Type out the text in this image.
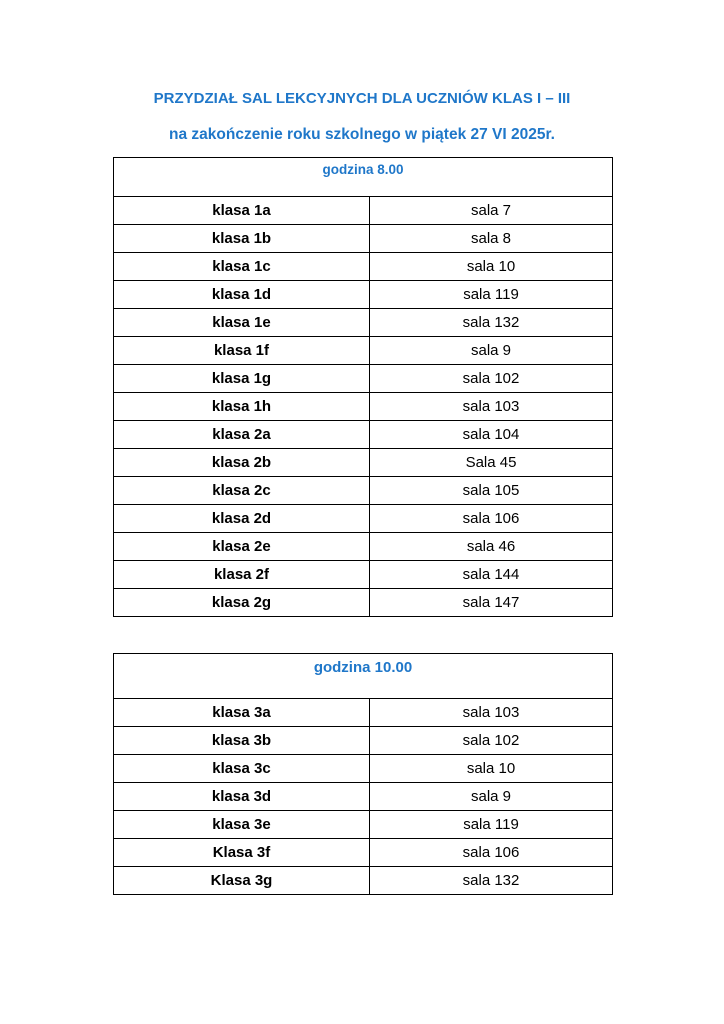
PRZYDZIAŁ SAL LEKCYJNYCH DLA UCZNIÓW KLAS I – III

na zakończenie roku szkolnego w piątek 27 VI 2025r.

godzina 8.00	
klasa 1a	sala 7
klasa 1b	sala 8
klasa 1c	sala 10
klasa 1d	sala 119
klasa 1e	sala 132
klasa 1f	sala 9
klasa 1g	sala 102
klasa 1h	sala 103
klasa 2a	sala 104
klasa 2b	Sala 45
klasa 2c	sala 105
klasa 2d	sala 106
klasa 2e	sala 46
klasa 2f	sala 144
klasa 2g	sala 147
godzina 10.00	
klasa 3a	sala 103
klasa 3b	sala 102
klasa 3c	sala 10
klasa 3d	sala 9
klasa 3e	sala 119
Klasa 3f	sala 106
Klasa 3g	sala 132
